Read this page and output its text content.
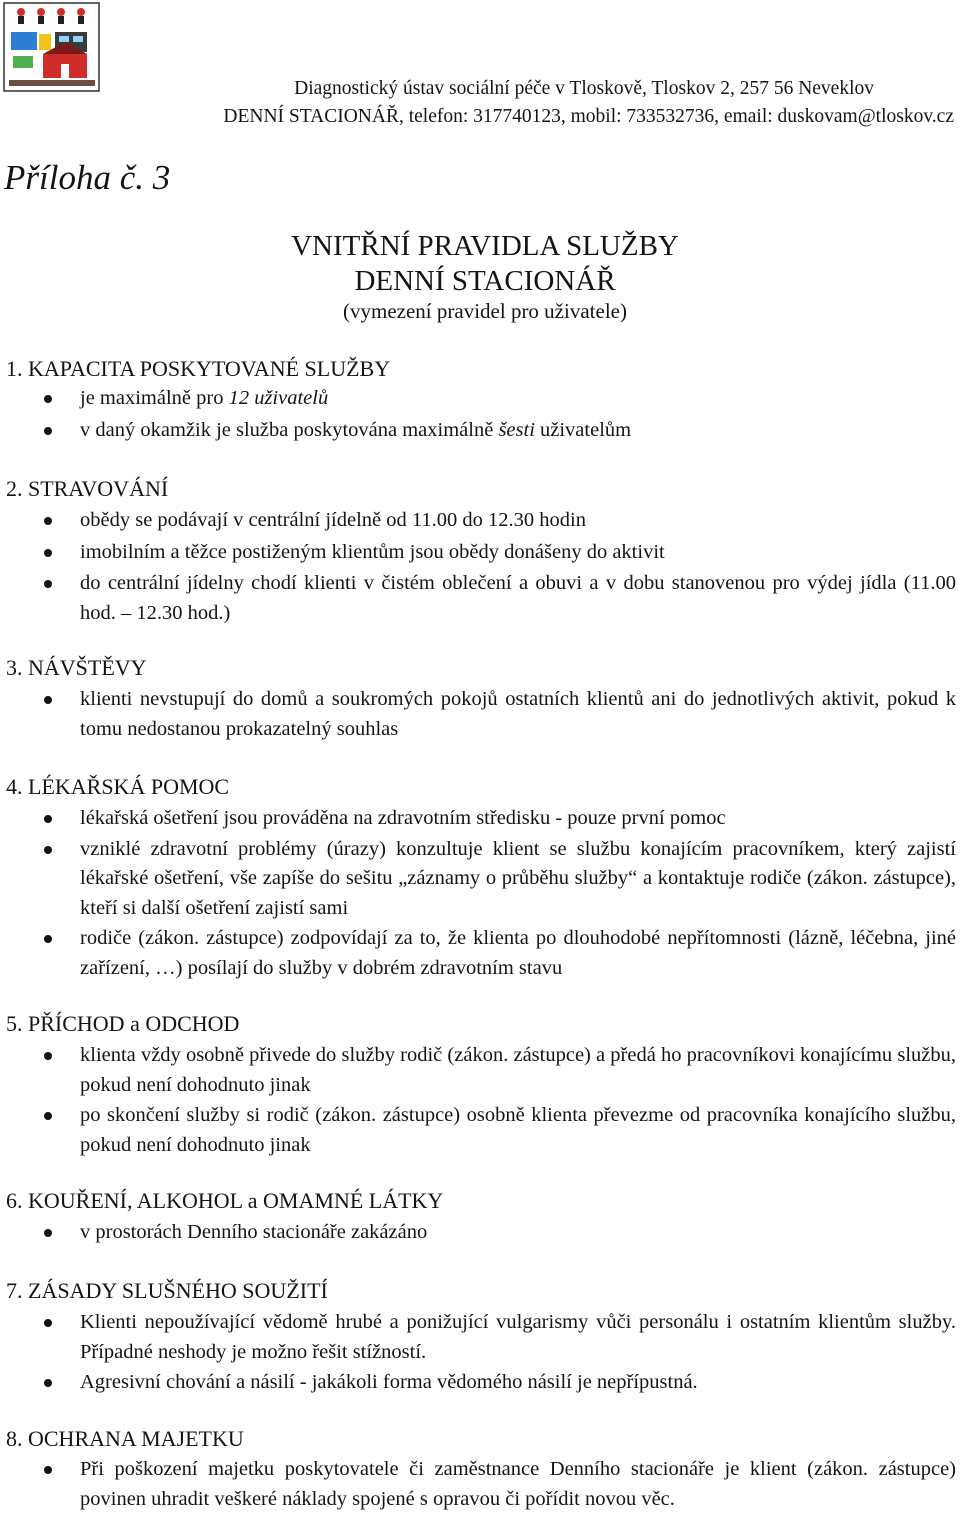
Diagnostický ústav sociální péče v Tloskově, Tloskov 2, 257 56 Neveklov
DENNÍ STACIONÁŘ, telefon: 317740123, mobil: 733532736, email: duskovam@tloskov.cz
Příloha č. 3
VNITŘNÍ PRAVIDLA SLUŽBY
DENNÍ STACIONÁŘ
(vymezení pravidel pro uživatele)
1. KAPACITA POSKYTOVANÉ SLUŽBY
je maximálně pro 12 uživatelů
v daný okamžik je služba poskytována maximálně šesti uživatelům
2. STRAVOVÁNÍ
obědy se podávají v centrální jídelně od 11.00 do 12.30 hodin
imobilním a těžce postiženým klientům jsou obědy donášeny do aktivit
do centrální jídelny chodí klienti v čistém oblečení a obuvi a v dobu stanovenou pro výdej jídla (11.00 hod. – 12.30 hod.)
3. NÁVŠTĚVY
klienti nevstupují do domů a soukromých pokojů ostatních klientů ani do jednotlivých aktivit, pokud k tomu nedostanou prokazatelný souhlas
4. LÉKAŘSKÁ POMOC
lékařská ošetření jsou prováděna na zdravotním středisku - pouze první pomoc
vzniklé zdravotní problémy (úrazy) konzultuje klient se službu konajícím pracovníkem, který zajistí lékařské ošetření, vše zapíše do sešitu „záznamy o průběhu služby“ a kontaktuje rodiče (zákon. zástupce), kteří si další ošetření zajistí sami
rodiče (zákon. zástupce) zodpovídají za to, že klienta po dlouhodobé nepřítomnosti (lázně, léčebna, jiné zařízení, …) posílají do služby v dobrém zdravotním stavu
5. PŘÍCHOD a ODCHOD
klienta vždy osobně přivede do služby rodič (zákon. zástupce) a předá ho pracovníkovi konajícímu službu, pokud není dohodnuto jinak
po skončení služby si rodič (zákon. zástupce) osobně klienta převezme od pracovníka konajícího službu, pokud není dohodnuto jinak
6. KOUŘENÍ, ALKOHOL a OMAMNÉ LÁTKY
v prostorách Denního stacionáře zakázáno
7. ZÁSADY SLUŠNÉHO SOUŽITÍ
Klienti nepoužívající vědomě hrubé a ponižující vulgarismy vůči personálu i ostatním klientům služby. Případné neshody je možno řešit stížností.
Agresivní chování a násilí - jakákoli forma vědomého násilí je nepřípustná.
8. OCHRANA MAJETKU
Při poškození majetku poskytovatele či zaměstnance Denního stacionáře je klient (zákon. zástupce) povinen uhradit veškeré náklady spojené s opravou či pořídit novou věc.
